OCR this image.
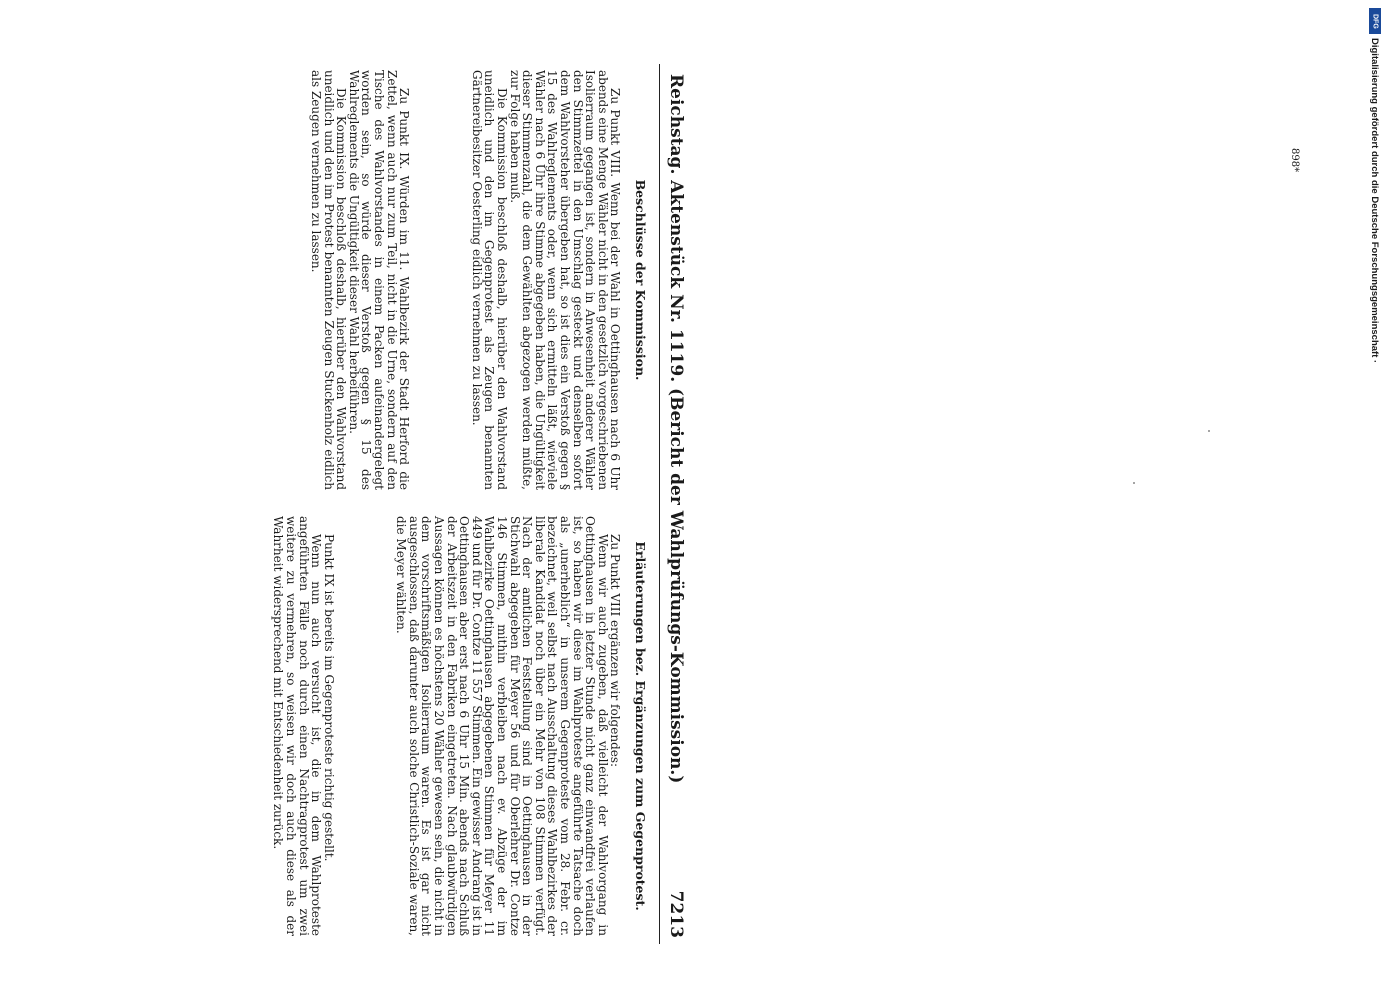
Reichstag. Aktenstück Nr. 1119. (Bericht der Wahlprüfungs-Kommission.)
7213
Erläuterungen bez. Ergänzungen zum Gegenprotest.

Zu Punkt VIII ergänzen wir folgendes:

Wenn wir auch zugeben, daß vielleicht der Wahlvorgang in Oettinghausen in letzter Stunde nicht ganz einwandfrei verlaufen ist, so haben wir diese im Wahlproteste angeführte Tatsache doch als „unerheblich“ in unserem Gegenproteste vom 28. Febr. cr. bezeichnet, weil selbst nach Ausschaltung dieses Wahlbezirkes der liberale Kandidat noch über ein Mehr von 108 Stimmen verfügt. Nach der amtlichen Feststellung sind in Oettinghausen in der Stichwahl abgegeben für Meyer 56 und für Oberlehrer Dr. Contze 146 Stimmen, mithin verbleiben nach ev. Abzüge der im Wahlbezirke Oettinghausen abgegebenen Stimmen für Meyer 11 449 und für Dr. Contze 11 557 Stimmen. Ein gewisser Andrang ist in Oettinghausen aber erst nach 6 Uhr 15 Min. abends nach Schluß der Arbeitszeit in den Fabriken eingetreten. Nach glaubwürdigen Aussagen können es höchstens 20 Wähler gewesen sein, die nicht in dem vorschriftsmäßigen Isolierraum waren. Es ist gar nicht ausgeschlossen, daß darunter auch solche Christlich-Soziale waren, die Meyer wählten.

Punkt IX ist bereits im Gegenproteste richtig gestellt.

Wenn nun auch versucht ist, die in dem Wahlproteste angeführten Fälle noch durch einen Nachtragprotest um zwei weitere zu vermehren, so weisen wir doch auch diese als der Wahrheit widersprechend mit Entschiedenheit zurück.

Beschlüsse der Kommission.

Zu Punkt VIII. Wenn bei der Wahl in Oettinghausen nach 6 Uhr abends eine Menge Wähler nicht in den gesetzlich vorgeschriebenen Isolierraum gegangen ist, sondern in Anwesenheit anderer Wähler den Stimmzettel in den Umschlag gesteckt und denselben sofort dem Wahlvorsteher übergeben hat, so ist dies ein Verstoß gegen § 15 des Wahlreglements oder, wenn sich ermitteln läßt, wieviele Wähler nach 6 Uhr ihre Stimme abgegeben haben, die Ungültigkeit dieser Stimmenzahl, die dem Gewählten abgezogen werden müßte, zur Folge haben muß.

Die Kommission beschloß deshalb, hierüber den Wahlvorstand uneidlich und den im Gegenprotest als Zeugen benannten Gärtnereibesitzer Oesterling eidlich vernehmen zu lassen.

Zu Punkt IX. Würden im 11. Wahlbezirk der Stadt Herford die Zettel, wenn auch nur zum Teil, nicht in die Urne, sondern auf den Tische des Wahlvorstandes in einem Packen aufeinandergelegt worden sein, so würde dieser Verstoß gegen § 15 des Wahlreglements die Ungültigkeit dieser Wahl herbeiführen.

Die Kommission beschloß deshalb, hierüber den Wahlvorstand uneidlich und den im Protest benannten Zeugen Stuckenholz eidlich als Zeugen vernehmen zu lassen.	898*
DFG
Digitalisierung gefördert durch die Deutsche Forschungsgemeinschaft ·
